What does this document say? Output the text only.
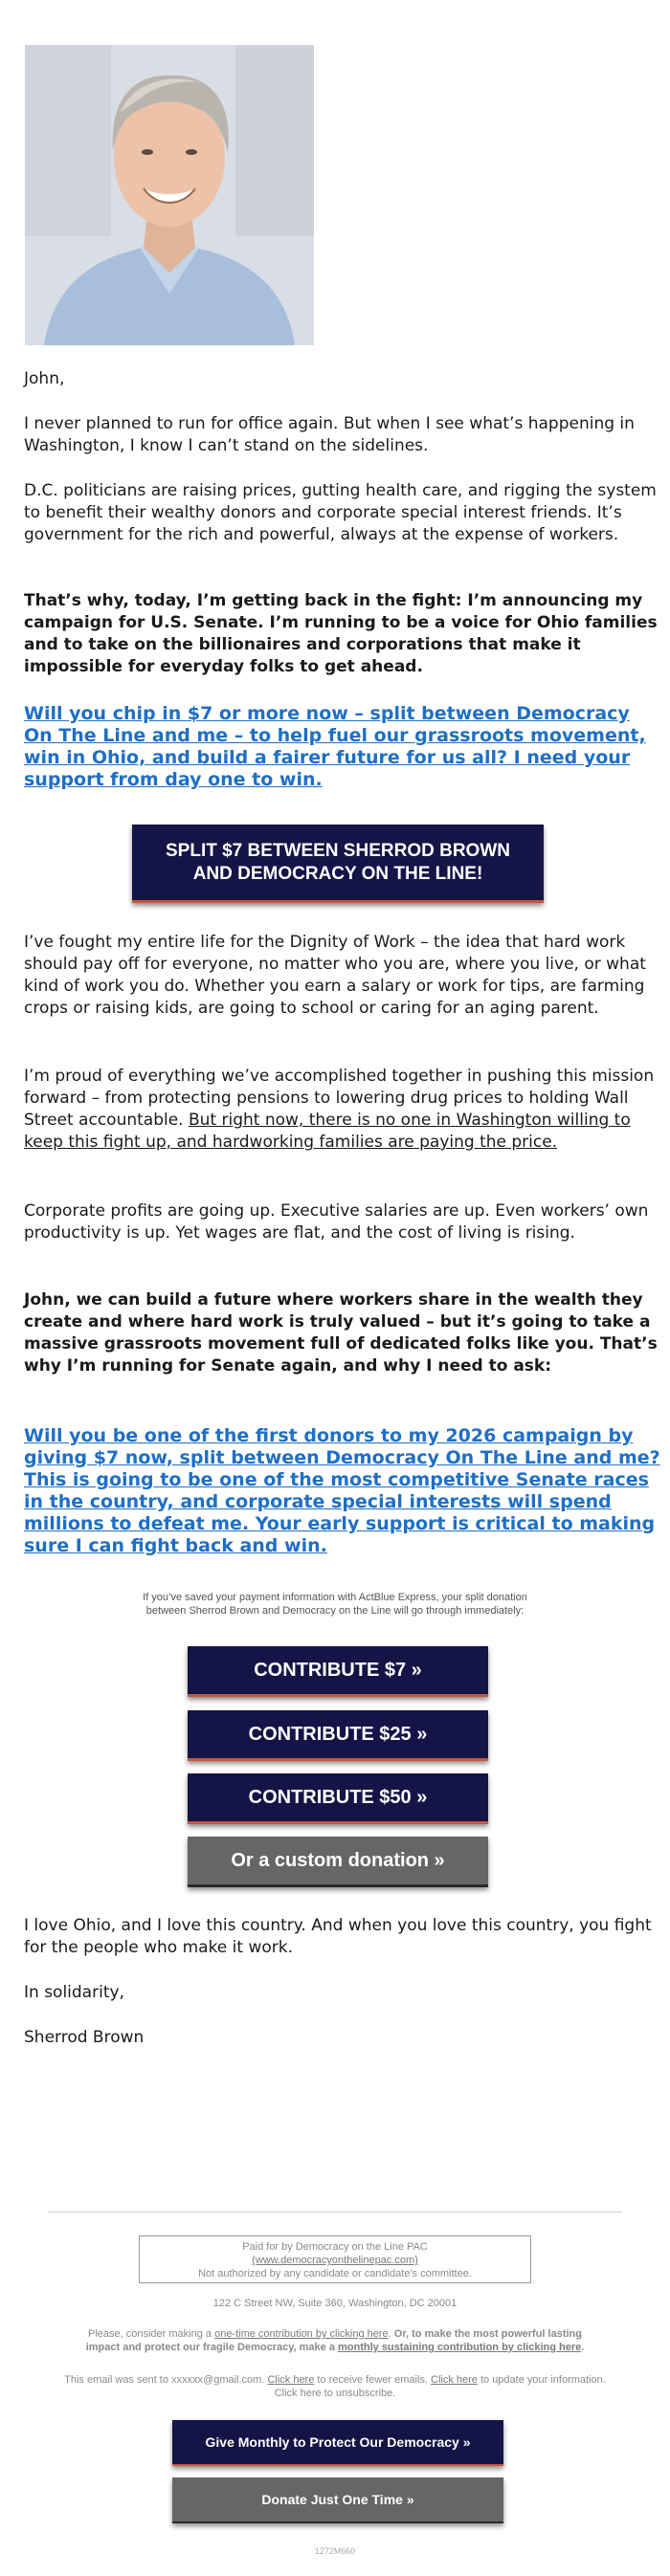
John,

I never planned to run for office again. But when I see what’s happening in Washington, I know I can’t stand on the sidelines.

D.C. politicians are raising prices, gutting health care, and rigging the system to benefit their wealthy donors and corporate special interest friends. It’s government for the rich and powerful, always at the expense of workers.

That’s why, today, I’m getting back in the fight: I’m announcing my campaign for U.S. Senate. I’m running to be a voice for Ohio families and to take on the billionaires and corporations that make it impossible for everyday folks to get ahead.

Will you chip in $7 or more now – split between Democracy On The Line and me – to help fuel our grassroots movement, win in Ohio, and build a fairer future for us all? I need your support from day one to win.

SPLIT $7 BETWEEN SHERROD BROWN
AND DEMOCRACY ON THE LINE!

I’ve fought my entire life for the Dignity of Work – the idea that hard work should pay off for everyone, no matter who you are, where you live, or what kind of work you do. Whether you earn a salary or work for tips, are farming crops or raising kids, are going to school or caring for an aging parent.

I’m proud of everything we’ve accomplished together in pushing this mission forward – from protecting pensions to lowering drug prices to holding Wall Street accountable. But right now, there is no one in Washington willing to keep this fight up, and hardworking families are paying the price.

Corporate profits are going up. Executive salaries are up. Even workers’ own productivity is up. Yet wages are flat, and the cost of living is rising.

John, we can build a future where workers share in the wealth they create and where hard work is truly valued – but it’s going to take a massive grassroots movement full of dedicated folks like you. That’s why I’m running for Senate again, and why I need to ask:

Will you be one of the first donors to my 2026 campaign by giving $7 now, split between Democracy On The Line and me? This is going to be one of the most competitive Senate races in the country, and corporate special interests will spend millions to defeat me. Your early support is critical to making sure I can fight back and win.

If you’ve saved your payment information with ActBlue Express, your split donation between Sherrod Brown and Democracy on the Line will go through immediately:

CONTRIBUTE $7 »
CONTRIBUTE $25 »
CONTRIBUTE $50 »
Or a custom donation »

I love Ohio, and I love this country. And when you love this country, you fight for the people who make it work.

In solidarity,

Sherrod Brown

Paid for by Democracy on the Line PAC
(www.democracyonthelinepac.com)
Not authorized by any candidate or candidate's committee.
122 C Street NW, Suite 360, Washington, DC 20001
Please, consider making a one-time contribution by clicking here. Or, to make the most powerful lasting impact and protect our fragile Democracy, make a monthly sustaining contribution by clicking here.
This email was sent to xxxxxx@gmail.com. Click here to receive fewer emails. Click here to update your information. Click here to unsubscribe.
Give Monthly to Protect Our Democracy »
Donate Just One Time »
1272M660
